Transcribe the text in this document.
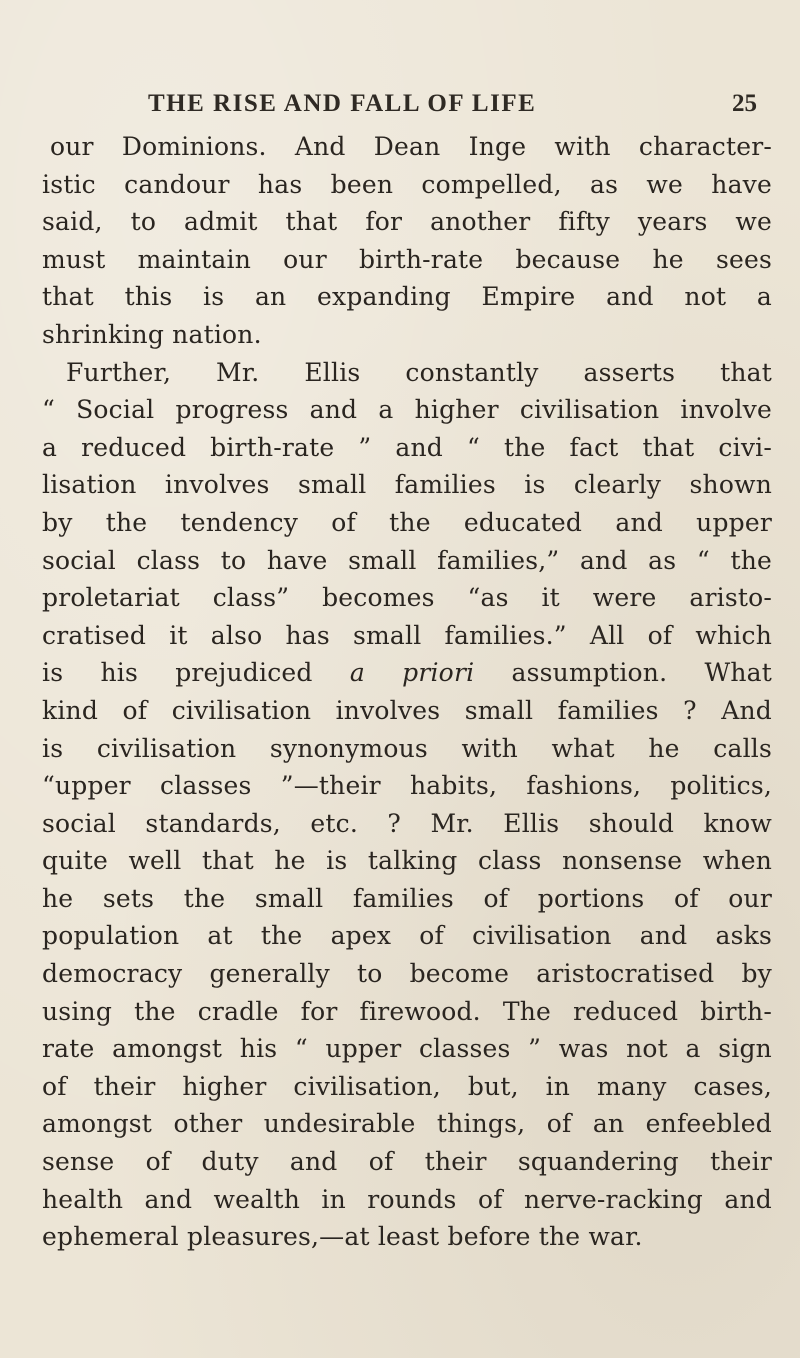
THE RISE AND FALL OF LIFE	25
our Dominions. And Dean Inge with character-
istic candour has been compelled, as we have
said, to admit that for another fifty years we
must maintain our birth-rate because he sees
that this is an expanding Empire and not a
shrinking nation.
Further, Mr. Ellis constantly asserts that
“ Social progress and a higher civilisation involve
a reduced birth-rate ” and “ the fact that civi-
lisation involves small families is clearly shown
by the tendency of the educated and upper
social class to have small families,” and as “ the
proletariat class” becomes “as it were aristo-
cratised it also has small families.” All of which
is his prejudiced a priori assumption. What
kind of civilisation involves small families ? And
is civilisation synonymous with what he calls
“upper classes ”—their habits, fashions, politics,
social standards, etc. ? Mr. Ellis should know
quite well that he is talking class nonsense when
he sets the small families of portions of our
population at the apex of civilisation and asks
democracy generally to become aristocratised by
using the cradle for firewood. The reduced birth-
rate amongst his “ upper classes ” was not a sign
of their higher civilisation, but, in many cases,
amongst other undesirable things, of an enfeebled
sense of duty and of their squandering their
health and wealth in rounds of nerve-racking and
ephemeral pleasures,—at least before the war.
